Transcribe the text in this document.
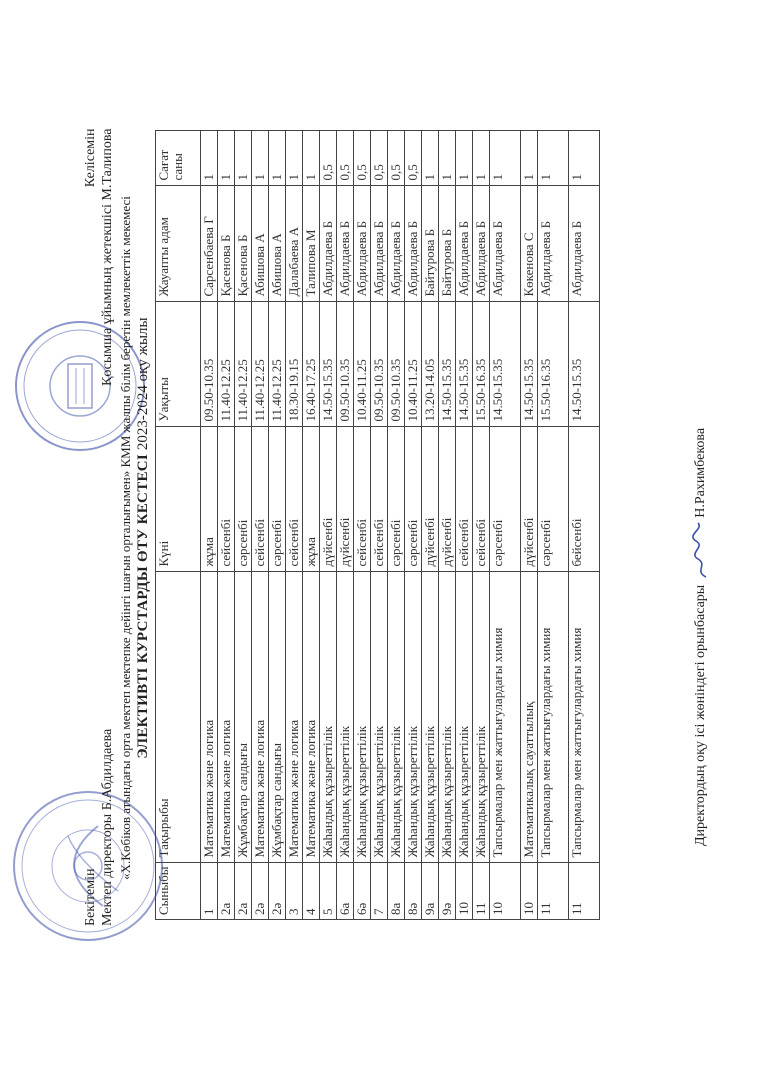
Бекітемін Мектеп директоры Б.Абдилдаева
Келісемін Қосымша ұйымның жетекшісі М.Талипова «Х.Көбіков атындағы орта мектеп мектепке дейінгі шағын орталығымен» КММ жалпы білім беретін мемлекеттік мекемесі ЭЛЕКТИВТІ КУРСТАРДЫ ӨТУ КЕСТЕСІ 2023-2024 оқу жылы
Сыныбы	Тақырыбы	Күні	Уақыты	Жауапты адам	Сағат саны
1	Математика және логика	жұма	09.50-10.35	Сарсенбаева Г	1
2а	Математика және логика	сейсенбі	11.40-12.25	Қасенова Б	1
2а	Жұмбақтар сандығы	сәрсенбі	11.40-12.25	Қасенова Б	1
2ә	Математика және логика	сейсенбі	11.40-12.25	Абишова А	1
2ә	Жұмбақтар сандығы	сәрсенбі	11.40-12.25	Абишова А	1
3	Математика және логика	сейсенбі	18.30-19.15	Далабаева А	1
4	Математика және логика	жұма	16.40-17.25	Талипова М	1
5	Жаһандық құзыреттілік	дүйсенбі	14.50-15.35	Абдилдаева Б	0,5
6а	Жаһандық құзыреттілік	дүйсенбі	09.50-10.35	Абдилдаева Б	0,5
6ә	Жаһандық құзыреттілік	сейсенбі	10.40-11.25	Абдилдаева Б	0,5
7	Жаһандық құзыреттілік	сейсенбі	09.50-10.35	Абдилдаева Б	0,5
8а	Жаһандық құзыреттілік	сәрсенбі	09.50-10.35	Абдилдаева Б	0,5
8ә	Жаһандық құзыреттілік	сәрсенбі	10.40-11.25	Абдилдаева Б	0,5
9а	Жаһандық құзыреттілік	дүйсенбі	13.20-14.05	Байтурова Б	1
9ә	Жаһандық құзыреттілік	дүйсенбі	14.50-15.35	Байтурова Б	1
10	Жаһандық құзыреттілік	сейсенбі	14.50-15.35	Абдилдаева Б	1
11	Жаһандық құзыреттілік	сейсенбі	15.50-16.35	Абдилдаева Б	1
10	Тапсырмалар мен жаттығулардағы химия	сәрсенбі	14.50-15.35	Абдилдаева Б	1
10	Математикалық сауаттылық	дүйсенбі	14.50-15.35	Көкенова С	1
11	Тапсырмалар мен жаттығулардағы химия	сәрсенбі	15.50-16.35	Абдилдаева Б	1
11	Тапсырмалар мен жаттығулардағы химия	бейсенбі	14.50-15.35	Абдилдаева Б	1
Директордың оқу ісі жөніндегі орынбасары  Н.Рахимбекова
